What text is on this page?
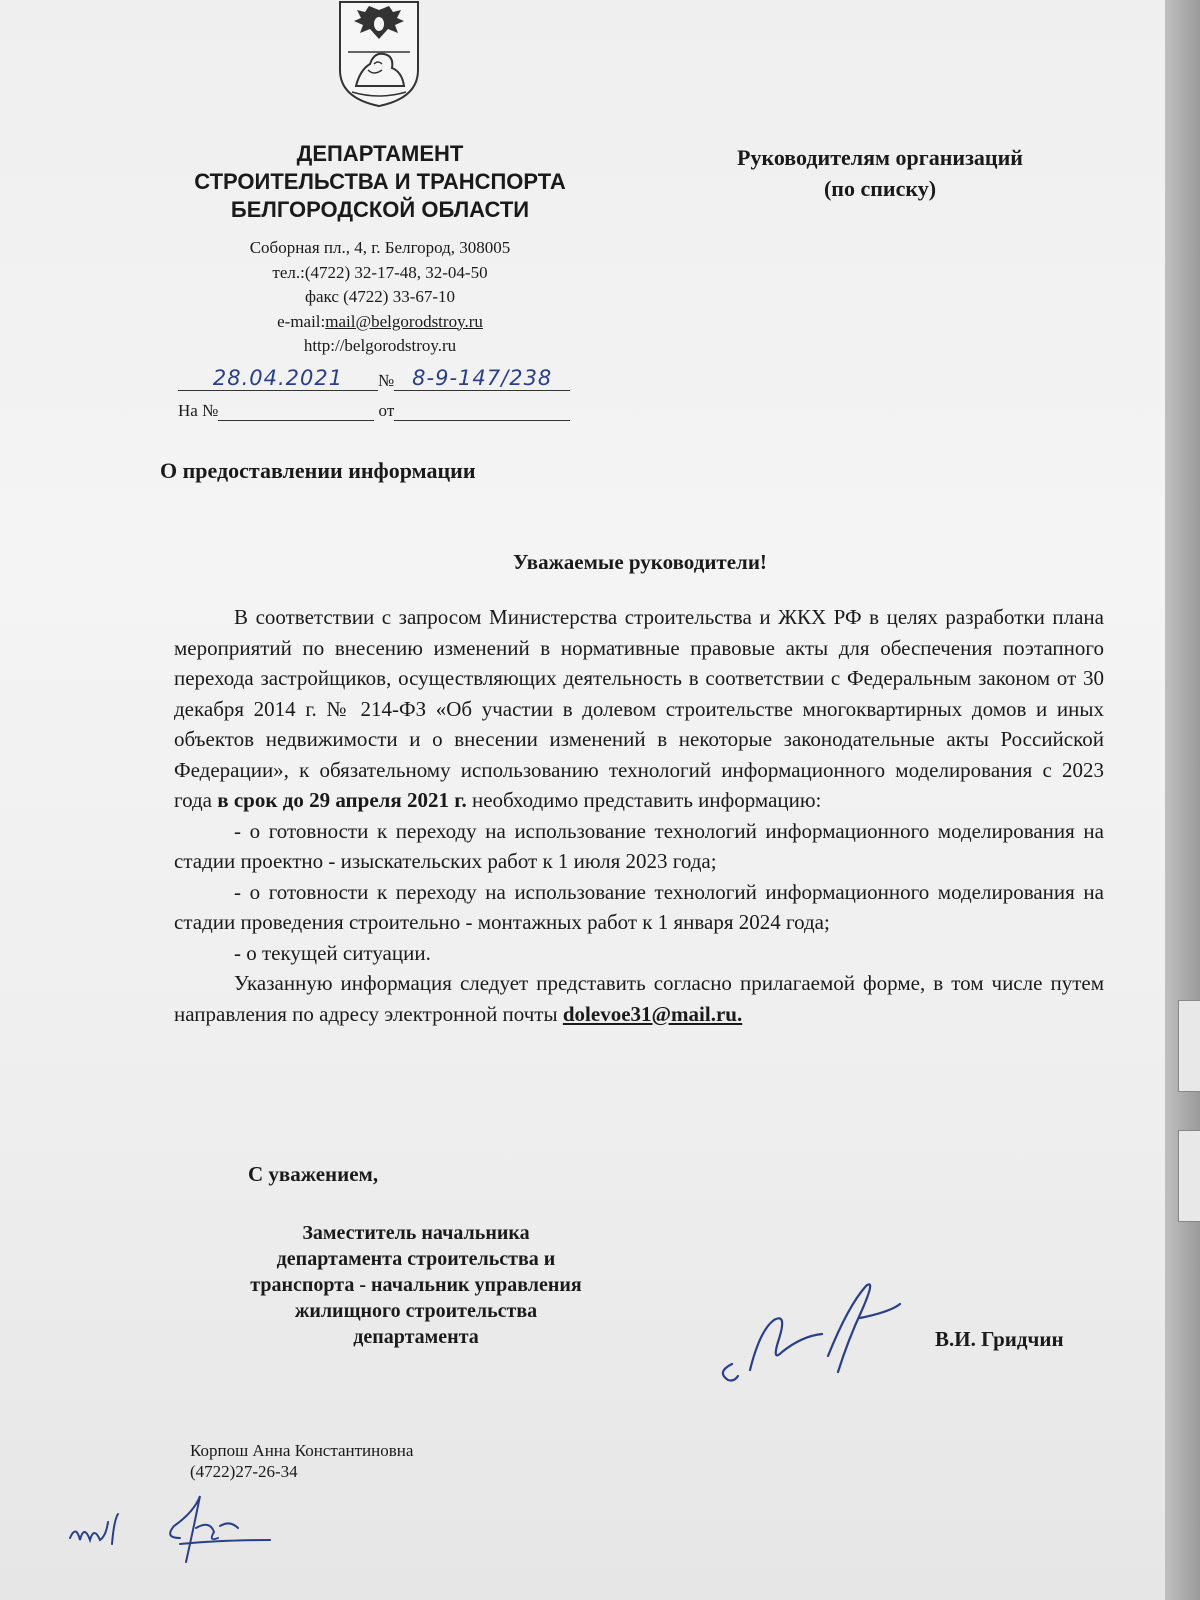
ДЕПАРТАМЕНТ
СТРОИТЕЛЬСТВА И ТРАНСПОРТА
БЕЛГОРОДСКОЙ ОБЛАСТИ
Соборная пл., 4, г. Белгород, 308005
тел.:(4722) 32-17-48, 32-04-50
факс (4722) 33-67-10
e-mail:mail@belgorodstroy.ru
http://belgorodstroy.ru
Руководителям организаций
(по списку)
28.04.2021 № 8-9-147/238
На №	от
О предоставлении информации
Уважаемые руководители!

В соответствии с запросом Министерства строительства и ЖКХ РФ в целях разработки плана мероприятий по внесению изменений в нормативные правовые акты для обеспечения поэтапного перехода застройщиков, осуществляющих деятельность в соответствии с Федеральным законом от 30 декабря 2014 г. № 214-ФЗ «Об участии в долевом строительстве многоквартирных домов и иных объектов недвижимости и о внесении изменений в некоторые законодательные акты Российской Федерации», к обязательному использованию технологий информационного моделирования с 2023 года в срок до 29 апреля 2021 г. необходимо представить информацию:

- о готовности к переходу на использование технологий информационного моделирования на стадии проектно - изыскательских работ к 1 июля 2023 года;

- о готовности к переходу на использование технологий информационного моделирования на стадии проведения строительно - монтажных работ к 1 января 2024 года;

- о текущей ситуации.

Указанную информация следует представить согласно прилагаемой форме, в том числе путем направления по адресу электронной почты dolevoe31@mail.ru.

С уважением,
Заместитель начальника
департамента строительства и
транспорта - начальник управления
жилищного строительства
департамента	В.И. Гридчин
Корпош Анна Константиновна
(4722)27-26-34
